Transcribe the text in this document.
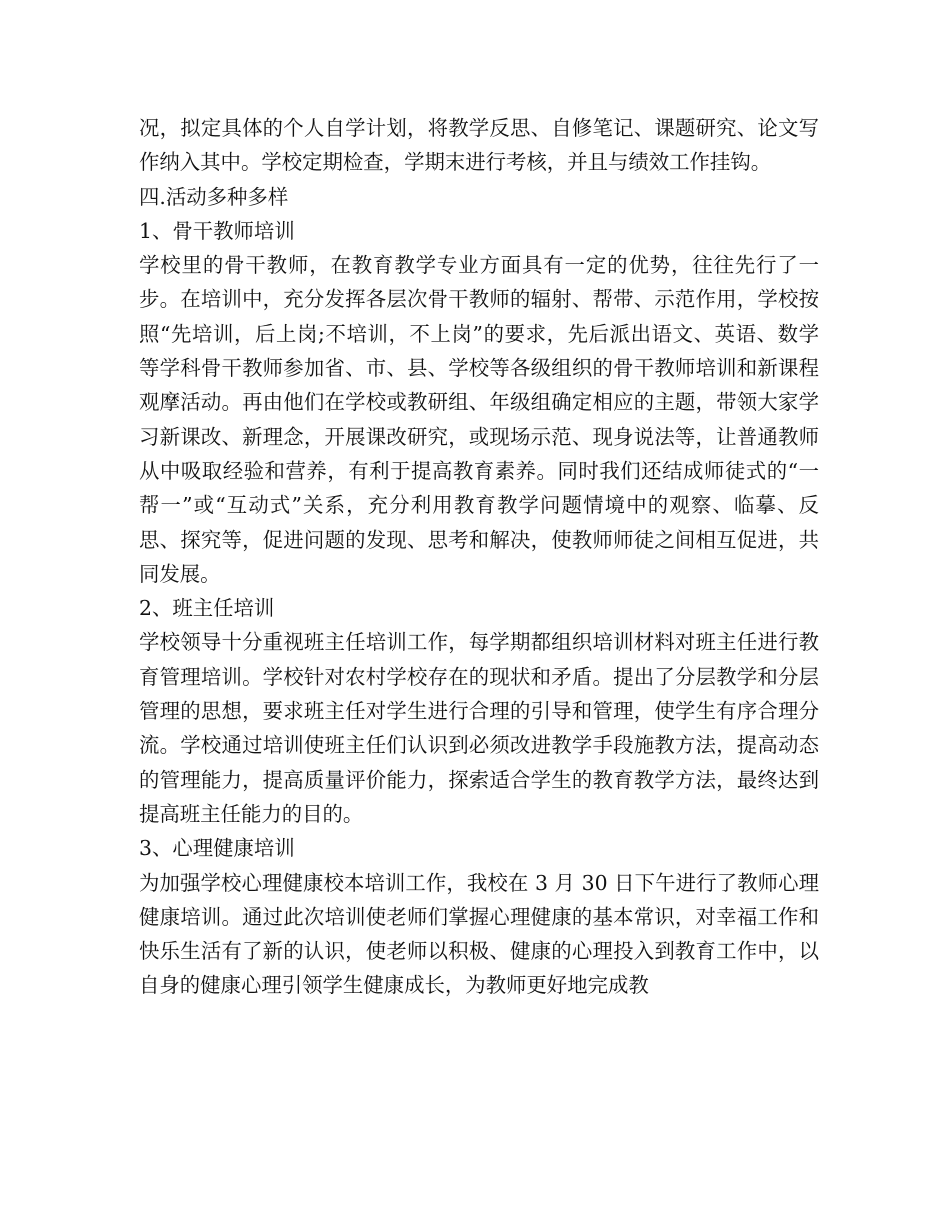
况，拟定具体的个人自学计划，将教学反思、自修笔记、课题研究、论文写作纳入其中。学校定期检查，学期末进行考核，并且与绩效工作挂钩。

四.活动多种多样
1、骨干教师培训

学校里的骨干教师，在教育教学专业方面具有一定的优势，往往先行了一步。在培训中，充分发挥各层次骨干教师的辐射、帮带、示范作用，学校按照“先培训，后上岗;不培训，不上岗”的要求，先后派出语文、英语、数学等学科骨干教师参加省、市、县、学校等各级组织的骨干教师培训和新课程观摩活动。再由他们在学校或教研组、年级组确定相应的主题，带领大家学习新课改、新理念，开展课改研究，或现场示范、现身说法等，让普通教师从中吸取经验和营养，有利于提高教育素养。同时我们还结成师徒式的“一帮一”或“互动式”关系，充分利用教育教学问题情境中的观察、临摹、反思、探究等，促进问题的发现、思考和解决，使教师师徒之间相互促进，共同发展。

2、班主任培训

学校领导十分重视班主任培训工作，每学期都组织培训材料对班主任进行教育管理培训。学校针对农村学校存在的现状和矛盾。提出了分层教学和分层管理的思想，要求班主任对学生进行合理的引导和管理，使学生有序合理分流。学校通过培训使班主任们认识到必须改进教学手段施教方法，提高动态的管理能力，提高质量评价能力，探索适合学生的教育教学方法，最终达到提高班主任能力的目的。

3、心理健康培训

为加强学校心理健康校本培训工作，我校在 3 月 30 日下午进行了教师心理健康培训。通过此次培训使老师们掌握心理健康的基本常识，对幸福工作和快乐生活有了新的认识，使老师以积极、健康的心理投入到教育工作中，以自身的健康心理引领学生健康成长，为教师更好地完成教
